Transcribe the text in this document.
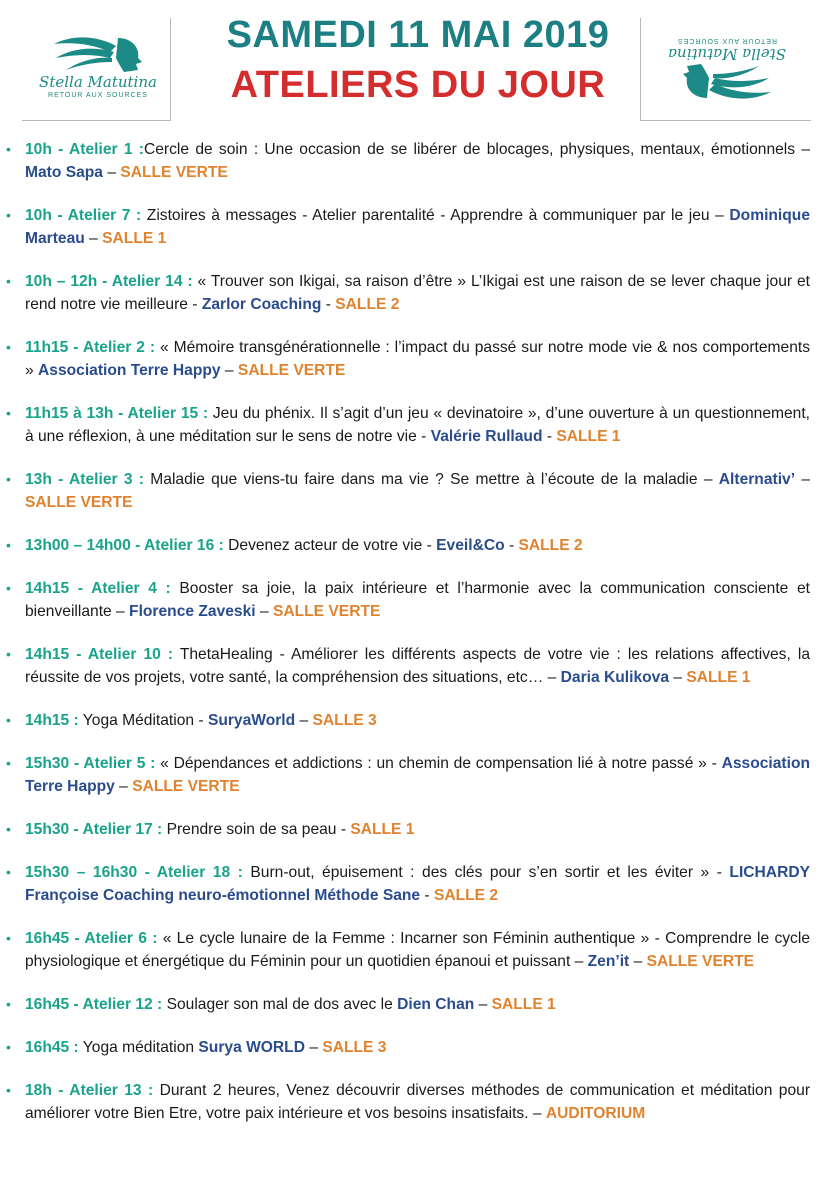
Stella Matutina
RETOUR AUX SOURCES
SAMEDI 11 MAI 2019
ATELIERS DU JOUR
Stella Matutina
RETOUR AUX SOURCES
• 10h - Atelier 1 :Cercle de soin : Une occasion de se libérer de blocages, physiques, mentaux, émotionnels – Mato Sapa – SALLE VERTE
• 10h - Atelier 7 : Zistoires à messages - Atelier parentalité - Apprendre à communiquer par le jeu – Dominique Marteau – SALLE 1
• 10h – 12h - Atelier 14 : « Trouver son Ikigai, sa raison d’être » L’Ikigai est une raison de se lever chaque jour et rend notre vie meilleure - Zarlor Coaching - SALLE 2
• 11h15 - Atelier 2 : « Mémoire transgénérationnelle : l’impact du passé sur notre mode vie & nos comportements » Association Terre Happy – SALLE VERTE
• 11h15 à 13h - Atelier 15 : Jeu du phénix. Il s’agit d’un jeu « devinatoire », d’une ouverture à un questionnement, à une réflexion, à une méditation sur le sens de notre vie - Valérie Rullaud - SALLE 1
• 13h - Atelier 3 : Maladie que viens-tu faire dans ma vie ? Se mettre à l’écoute de la maladie – Alternativ’ – SALLE VERTE
• 13h00 – 14h00 - Atelier 16 : Devenez acteur de votre vie - Eveil&Co - SALLE 2
• 14h15 - Atelier 4 : Booster sa joie, la paix intérieure et l’harmonie avec la communication consciente et bienveillante – Florence Zaveski – SALLE VERTE
• 14h15 - Atelier 10 : ThetaHealing - Améliorer les différents aspects de votre vie : les relations affectives, la réussite de vos projets, votre santé, la compréhension des situations, etc… – Daria Kulikova – SALLE 1
• 14h15 : Yoga Méditation - SuryaWorld – SALLE 3
• 15h30 - Atelier 5 : « Dépendances et addictions : un chemin de compensation lié à notre passé » - Association Terre Happy – SALLE VERTE
• 15h30 - Atelier 17 : Prendre soin de sa peau - SALLE 1
• 15h30 – 16h30 - Atelier 18 : Burn-out, épuisement : des clés pour s’en sortir et les éviter » - LICHARDY Françoise Coaching neuro-émotionnel Méthode Sane - SALLE 2
• 16h45 - Atelier 6 : « Le cycle lunaire de la Femme : Incarner son Féminin authentique » - Comprendre le cycle physiologique et énergétique du Féminin pour un quotidien épanoui et puissant – Zen’it – SALLE VERTE
• 16h45 - Atelier 12 : Soulager son mal de dos avec le Dien Chan – SALLE 1
• 16h45 : Yoga méditation Surya WORLD – SALLE 3
• 18h - Atelier 13 : Durant 2 heures, Venez découvrir diverses méthodes de communication et méditation pour améliorer votre Bien Etre, votre paix intérieure et vos besoins insatisfaits. – AUDITORIUM
